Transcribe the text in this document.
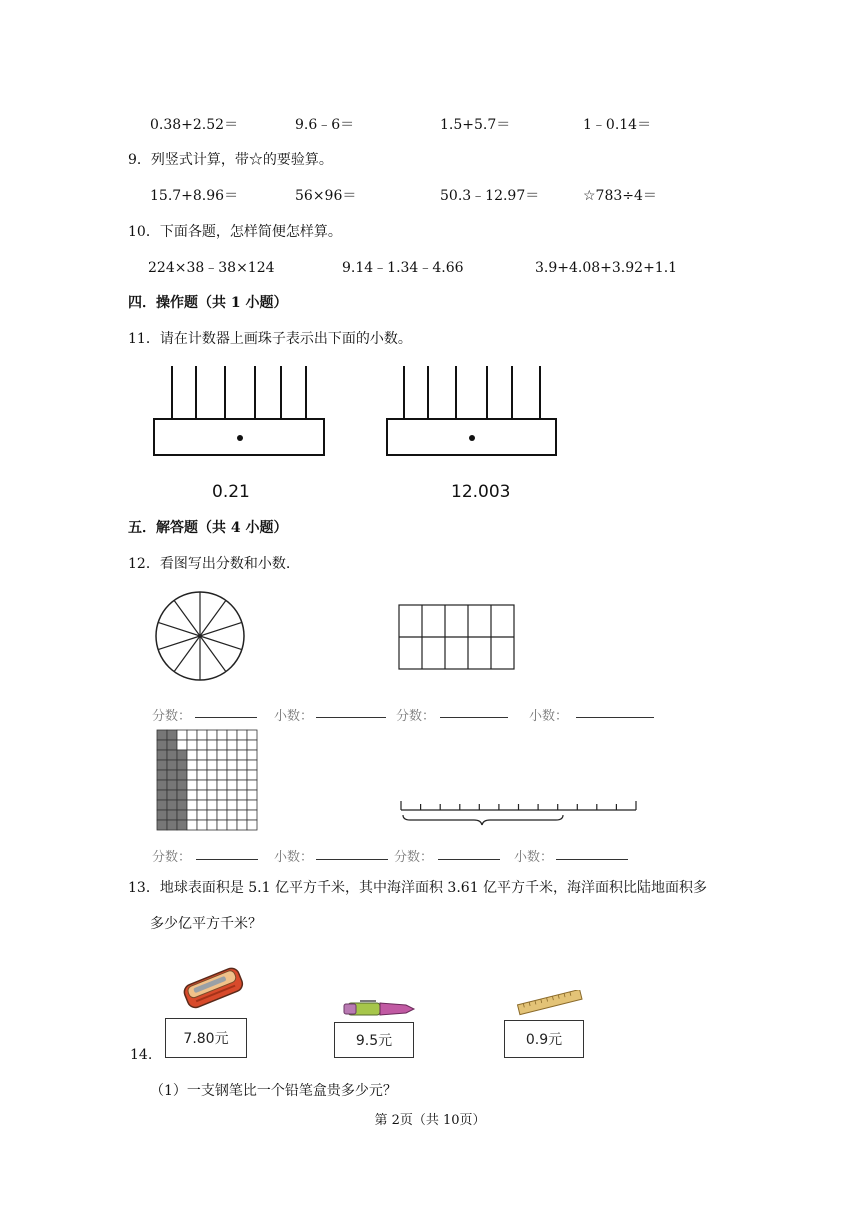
0.38+2.52＝	9.6﹣6＝	1.5+5.7＝	1﹣0.14＝
9．列竖式计算，带☆的要验算。
15.7+8.96＝	56×96＝	50.3﹣12.97＝	☆783÷4＝
10．下面各题，怎样简便怎样算。
224×38﹣38×124	9.14﹣1.34﹣4.66	3.9+4.08+3.92+1.1
四．操作题（共 1 小题）
11．请在计数器上画珠子表示出下面的小数。
0.21	12.003
五．解答题（共 4 小题）
12．看图写出分数和小数.
分数：	小数：	分数：	小数：
分数：	小数：	分数：	小数：
13．地球表面积是 5.1 亿平方千米，其中海洋面积 3.61 亿平方千米，海洋面积比陆地面积多
多少亿平方千米？
14.
7.80元	9.5元	0.9元
（1）一支钢笔比一个铅笔盒贵多少元？
第 2页（共 10页）
